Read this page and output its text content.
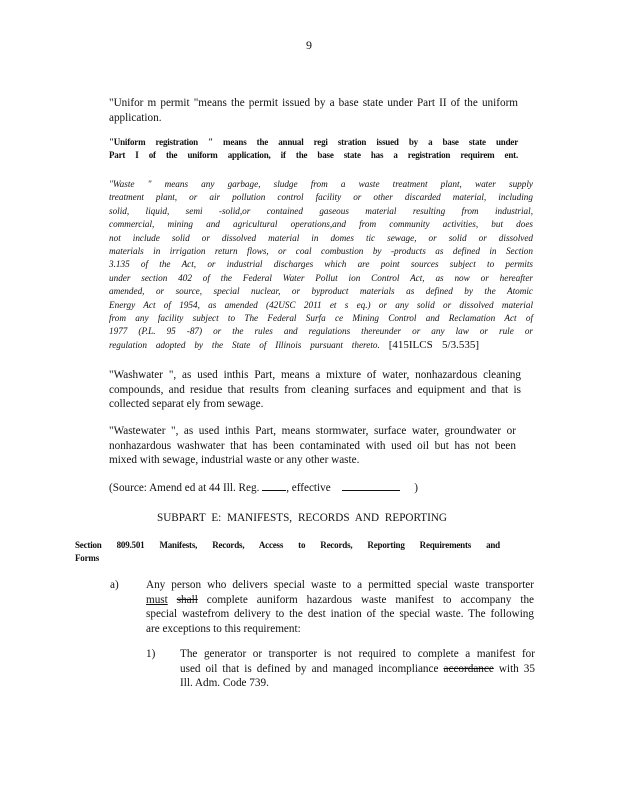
9
"Unifor m permit "means the permit issued by a base state under Part II of the uniform
application.
"Uniform registration " means the annual regi stration issued by a base state under
Part I of the uniform application, if the base state has a registration requirem ent.
"Waste " means any garbage, sludge from a waste treatment plant, water supply
treatment plant, or air pollution control facility or other discarded material, including
solid, liquid, semi -solid,or contained gaseous material resulting from industrial,
commercial, mining and agricultural operations,and from community activities, but does
not include solid or dissolved material in domes tic sewage, or solid or dissolved
materials in irrigation return flows, or coal combustion by -products as defined in Section
3.135 of the Act, or industrial discharges which are point sources subject to permits
under section 402 of the Federal Water Pollut ion Control Act, as now or hereafter
amended, or source, special nuclear, or byproduct materials as defined by the Atomic
Energy Act of 1954, as amended (42USC 2011 et s eq.) or any solid or dissolved material
from any facility subject to The Federal Surfa ce Mining Control and Reclamation Act of
1977 (P.L. 95 -87) or the rules and regulations thereunder or any law or rule or
regulation adopted by the State of Illinois pursuant thereto. [415ILCS 5/3.535]
"Washwater ", as used inthis Part, means a mixture of water, nonhazardous cleaning
compounds, and residue that results from cleaning surfaces and equipment and that is
collected separat ely from sewage.
"Wastewater ", as used inthis Part, means stormwater, surface water, groundwater or
nonhazardous washwater that has been contaminated with used oil but has not been
mixed with sewage, industrial waste or any other waste.
(Source: Amend ed at 44 Ill. Reg. , effective	)
SUBPART E: MANIFESTS, RECORDS AND REPORTING
Section 809.501 Manifests, Records, Access to Records, Reporting Requirements and
Forms
a) Any person who delivers special waste to a permitted special waste transporter
must shall complete auniform hazardous waste manifest to accompany the
special wastefrom delivery to the dest ination of the special waste. The following
are exceptions to this requirement:
1) The generator or transporter is not required to complete a manifest for
used oil that is defined by and managed incompliance accordance with 35
Ill. Adm. Code 739.
